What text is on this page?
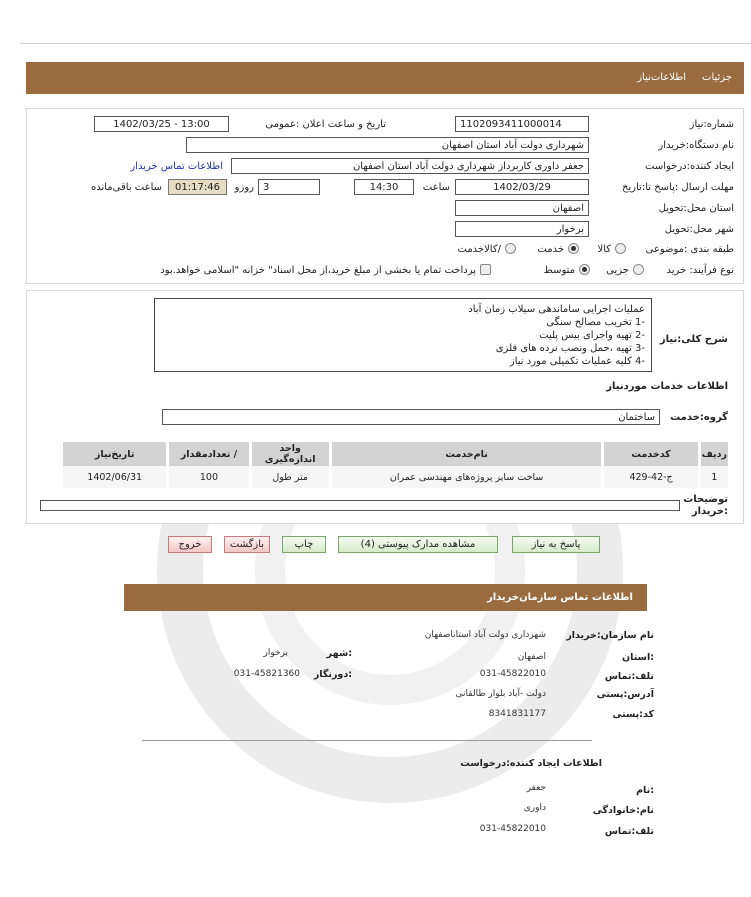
جزئیات
اطلاعات‌نیاز
شماره:نیاز
1102093411000014
تاریخ و ساعت اعلان :عمومی
1402/03/25 - 13:00
نام دستگاه:خریدار
شهرداری دولت آباد استان اصفهان
ایجاد کننده:درخواست
جعفر داوری کاربرداز شهرداری دولت آباد استان اصفهان
اطلاعات تماس خریدار
مهلت ارسال :پاسخ تا:تاریخ
1402/03/29
ساعت
14:30
3
روزو
01:17:46
ساعت باقی‌مانده
استان محل:تحویل
اصفهان
شهر محل:تحویل
برخوار
طبقه بندی :موضوعی
کالا
خدمت
/کالاخدمت
نوع فرآیند: خرید
جزیی
متوسط
پرداخت تمام یا بخشی از مبلغ خرید،از محل اسناد" خزانه "اسلامی خواهد.بود
شرح کلی:نیاز
عملیات اجرایی ساماندهی سیلاب زمان آباد
-1 تخریب مصالح سنگی
-2 تهیه واجرای بیس پلیت
-3 تهیه ،حمل ونصب نرده های فلزی
-4 کلیه عملیات تکمیلی مورد نیاز
اطلاعات خدمات موردنیاز
گروه:خدمت
ساختمان
ردیف	کدخدمت	نام‌خدمت	واحد اندازه‌گیری	/ تعدادمقدار	تاریخ‌نیاز
1	ج-42-429	ساخت سایر پروژه‌های مهندسی عمران	متر طول	100	1402/06/31
توضیحات :خریدار
پاسخ به نیاز
مشاهده مدارک پیوستی (4)
چاپ
بازگشت
خروج
اطلاعات تماس سازمان‌خریدار
نام سازمان:خریدار
شهرداری دولت آباد استاناصفهان
:استان
اصفهان
:شهر
برخوار
تلف:تماس
031-45822010
:دورنگار
031-45821360
آدرس:پستی
دولت -آباد بلوار طالقانی
کد:پستی
8341831177
اطلاعات ایجاد کننده:درخواست
:نام
جعفر
نام:خانوادگی
داوری
تلف:تماس
031-45822010
